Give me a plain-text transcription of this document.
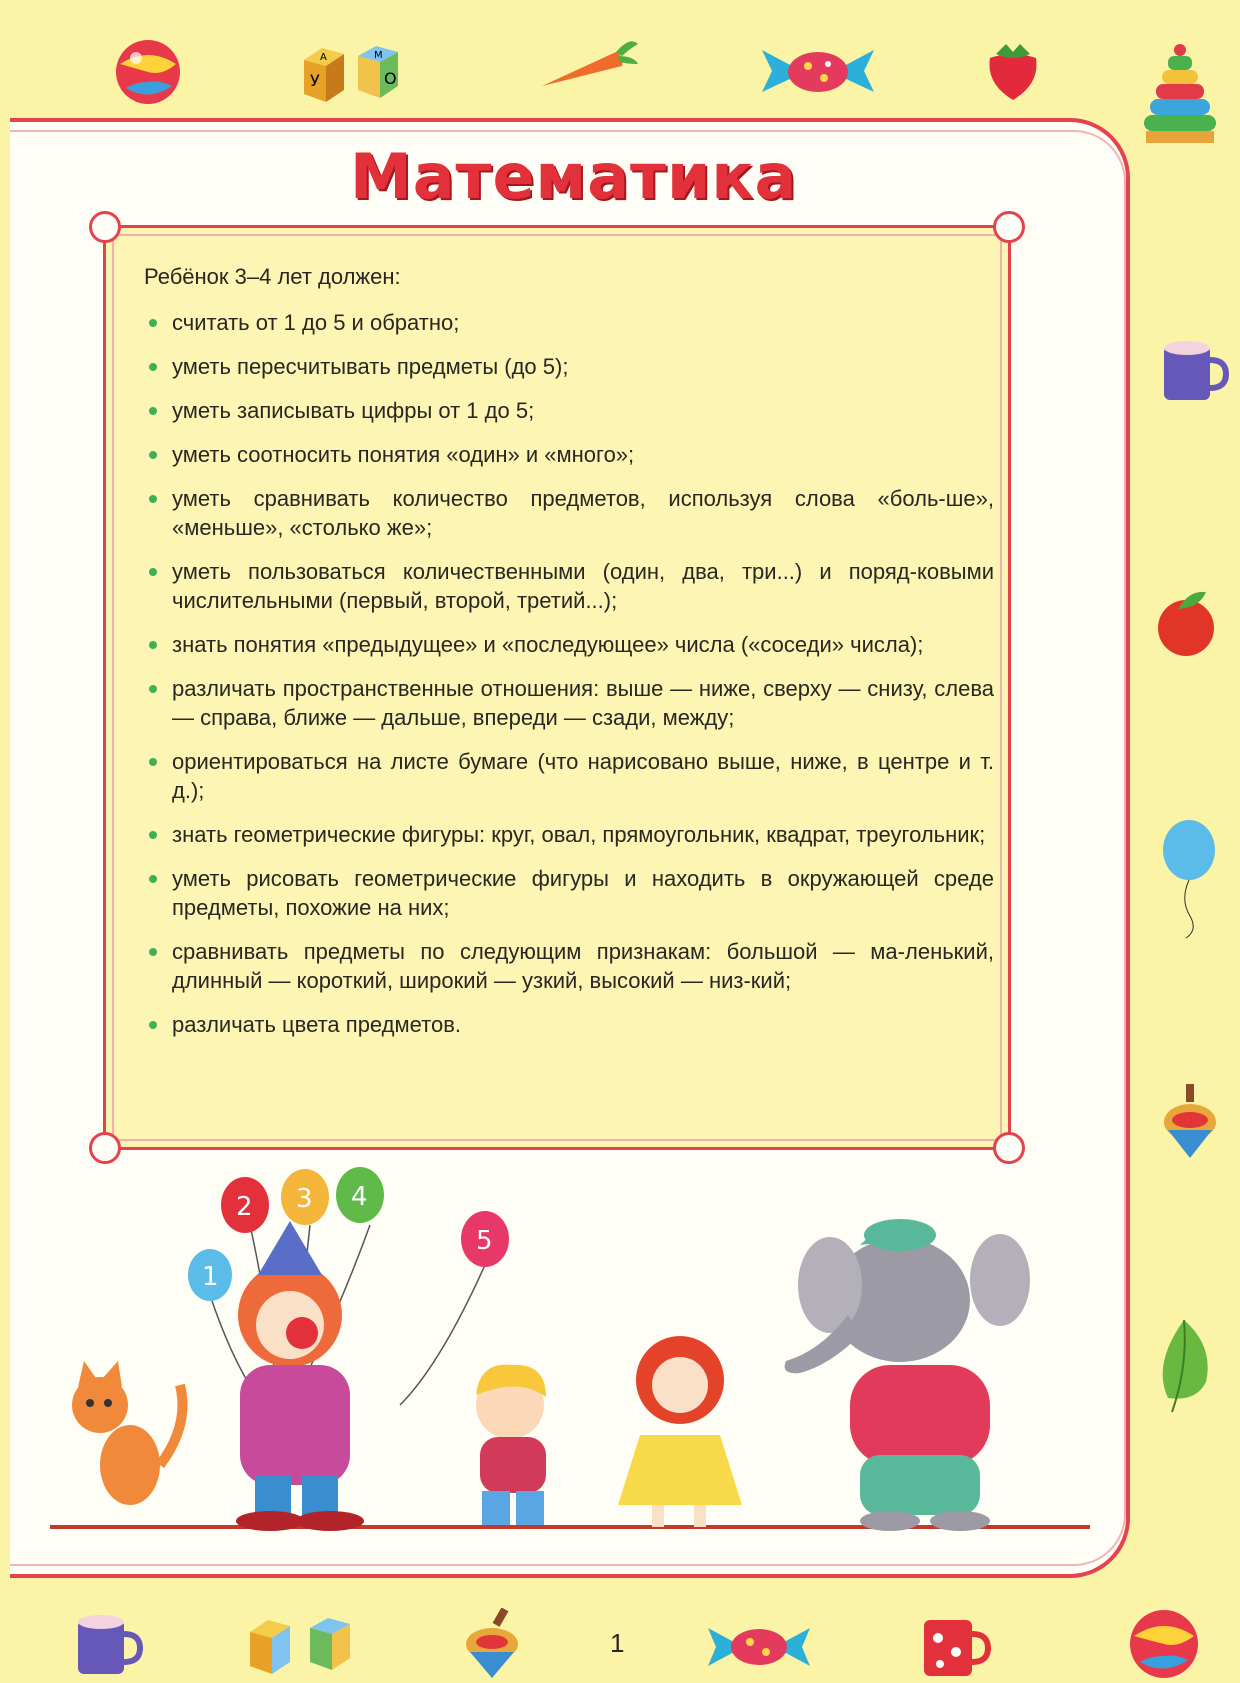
А	М
У	О
Математика

Ребёнок 3–4 лет должен:

считать от 1 до 5 и обратно;
уметь пересчитывать предметы (до 5);
уметь записывать цифры от 1 до 5;
уметь соотносить понятия «один» и «много»;
уметь сравнивать количество предметов, используя слова «боль-ше», «меньше», «столько же»;
уметь пользоваться количественными (один, два, три...) и поряд-ковыми числительными (первый, второй, третий...);
знать понятия «предыдущее» и «последующее» числа («соседи» числа);
различать пространственные отношения: выше — ниже, сверху — снизу, слева — справа, ближе — дальше, впереди — сзади, между;
ориентироваться на листе бумаге (что нарисовано выше, ниже, в центре и т. д.);
знать геометрические фигуры: круг, овал, прямоугольник, квадрат, треугольник;
уметь рисовать геометрические фигуры и находить в окружающей среде предметы, похожие на них;
сравнивать предметы по следующим признакам: большой — ма-ленький, длинный — короткий, широкий — узкий, высокий — низ-кий;
различать цвета предметов.
1
2 3 4
5
1
